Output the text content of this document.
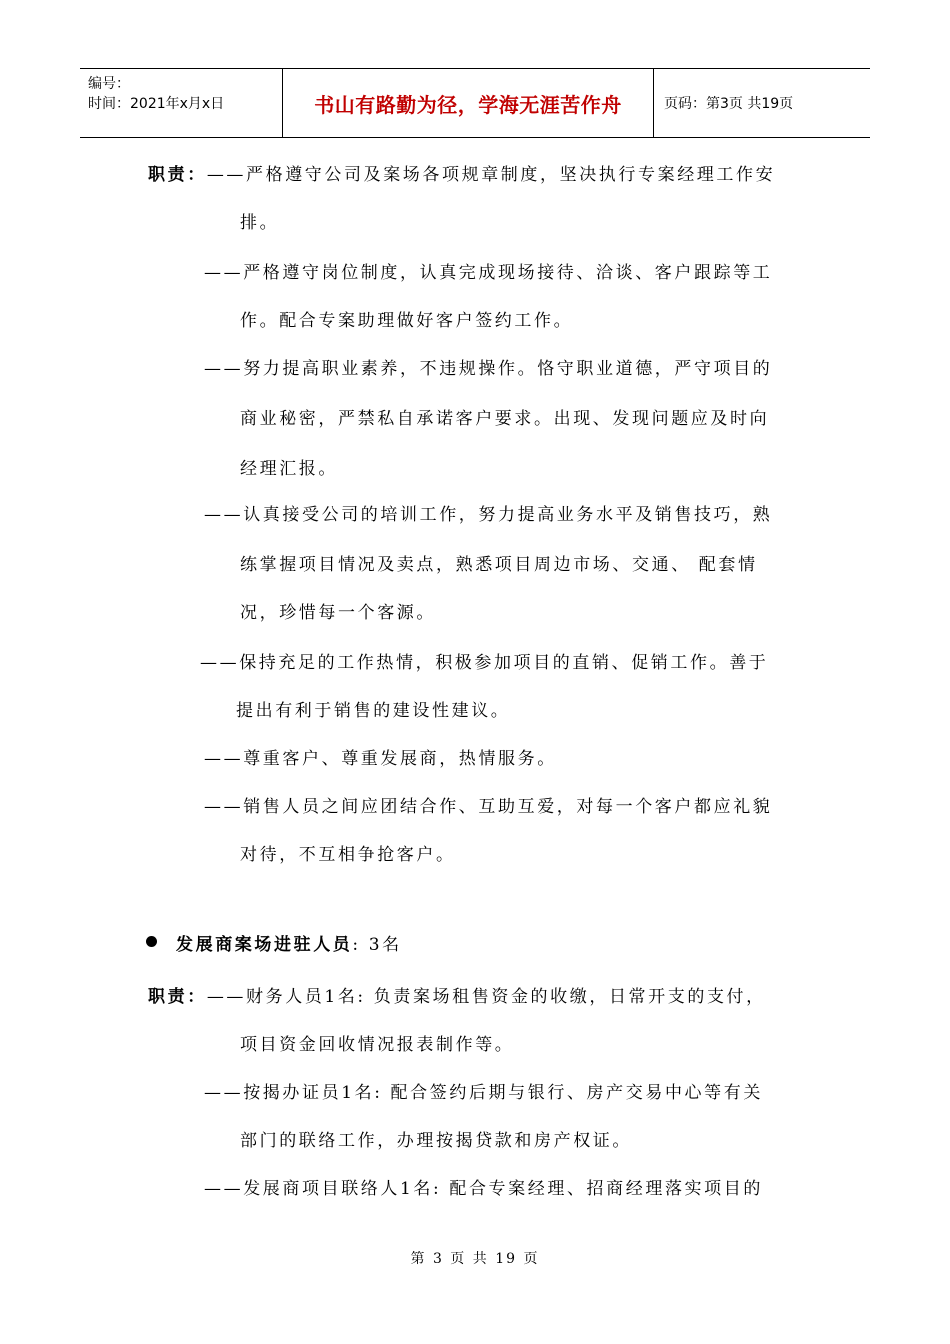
编号：
时间：2021年x月x日	书山有路勤为径，学海无涯苦作舟	页码：第3页 共19页
职责：——严格遵守公司及案场各项规章制度，坚决执行专案经理工作安
排。
——严格遵守岗位制度，认真完成现场接待、洽谈、客户跟踪等工
作。配合专案助理做好客户签约工作。
——努力提高职业素养，不违规操作。恪守职业道德，严守项目的
商业秘密，严禁私自承诺客户要求。出现、发现问题应及时向
经理汇报。
——认真接受公司的培训工作，努力提高业务水平及销售技巧，熟
练掌握项目情况及卖点，熟悉项目周边市场、交通、 配套情
况，珍惜每一个客源。
——保持充足的工作热情，积极参加项目的直销、促销工作。善于
提出有利于销售的建设性建议。
——尊重客户、尊重发展商，热情服务。
——销售人员之间应团结合作、互助互爱，对每一个客户都应礼貌
对待，不互相争抢客户。
发展商案场进驻人员: 3名
职责：——财务人员1名: 负责案场租售资金的收缴，日常开支的支付，
项目资金回收情况报表制作等。
——按揭办证员1名: 配合签约后期与银行、房产交易中心等有关
部门的联络工作，办理按揭贷款和房产权证。
——发展商项目联络人1名: 配合专案经理、招商经理落实项目的
第 3 页 共 19 页
